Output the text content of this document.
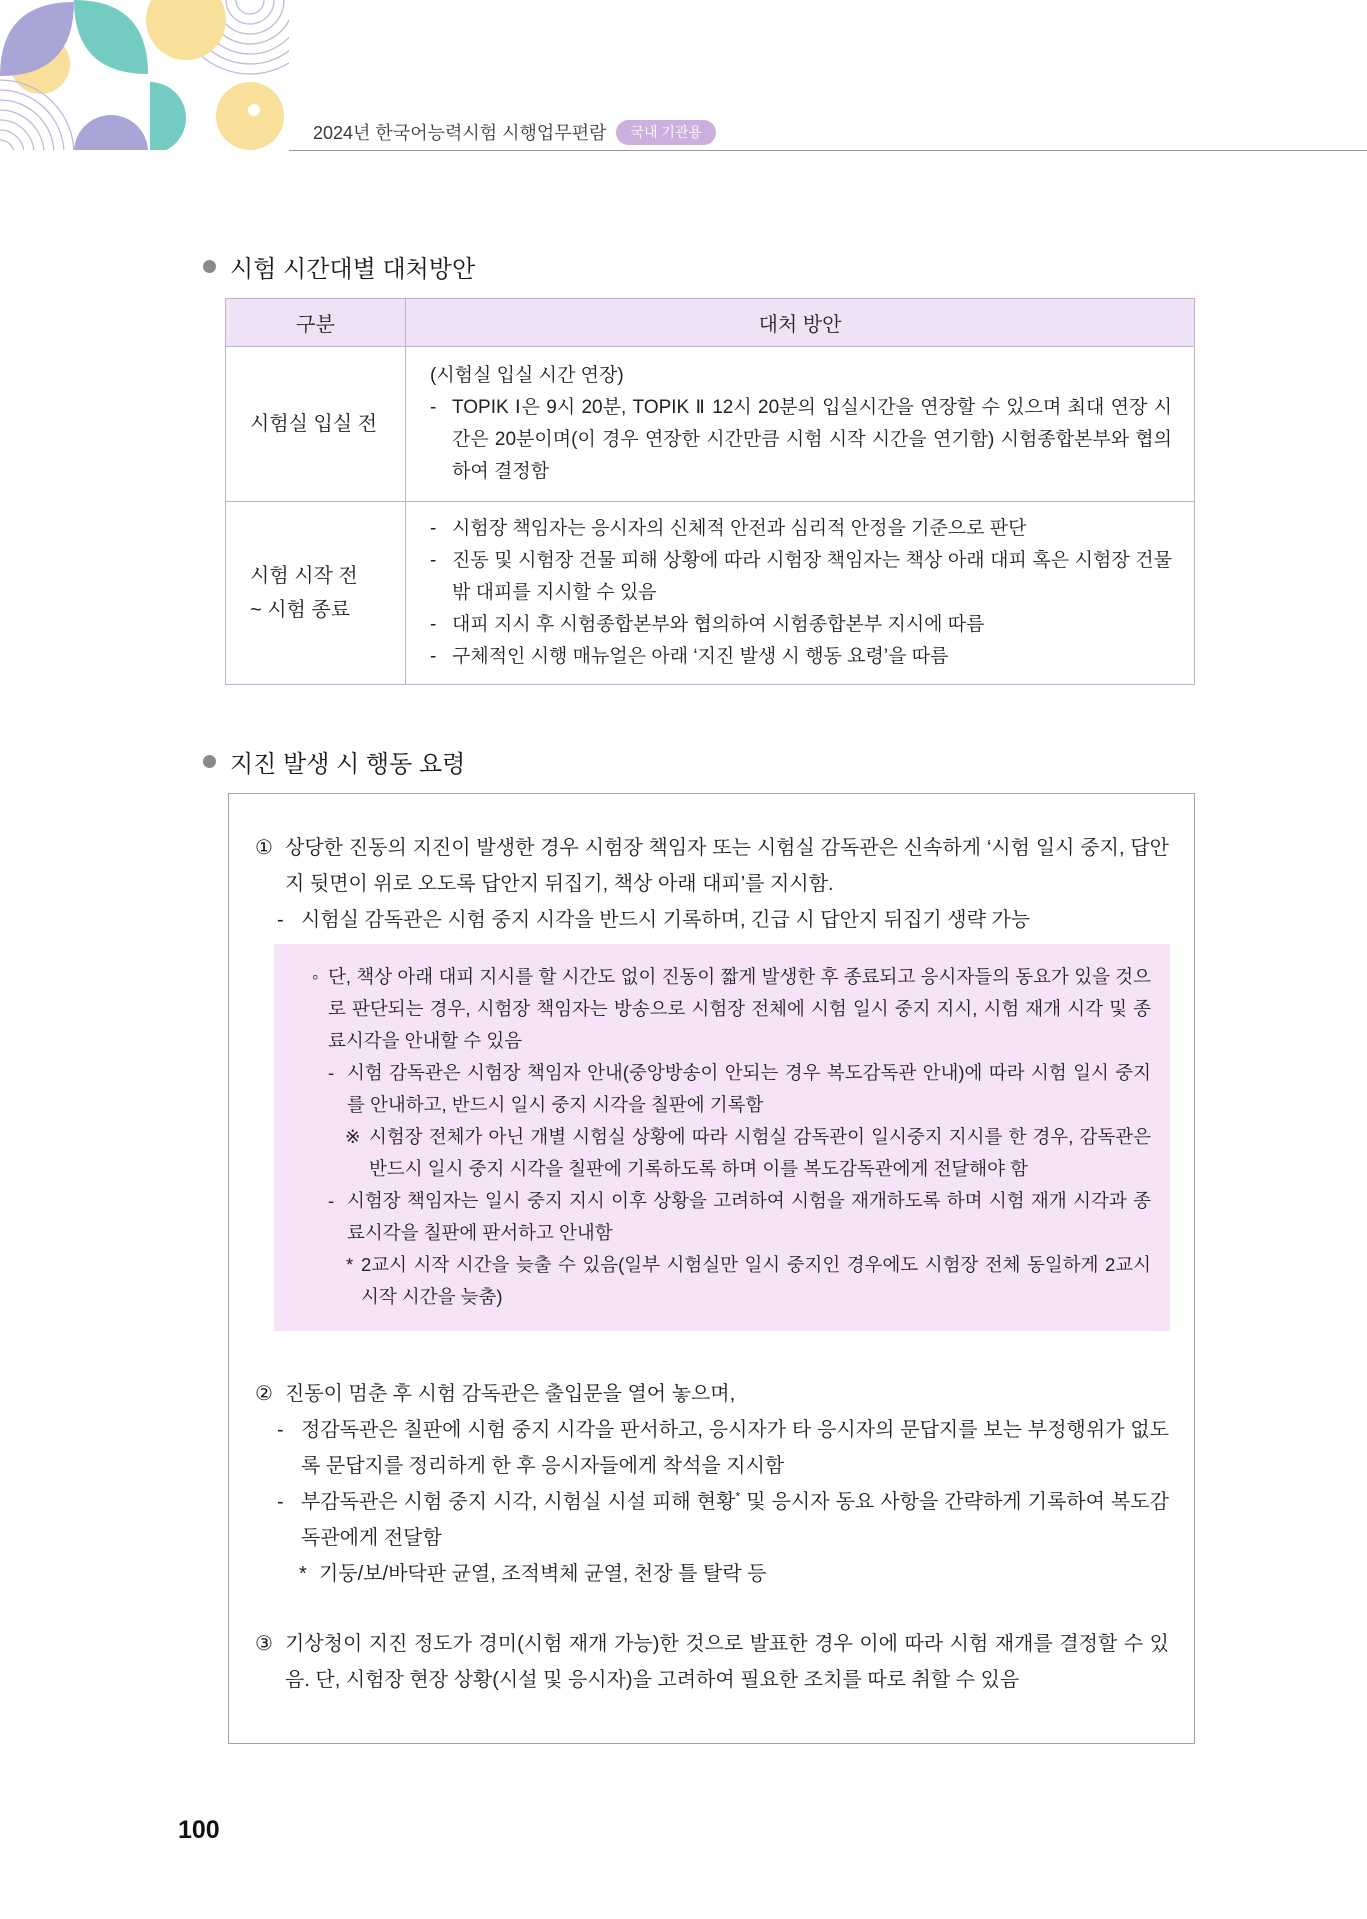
2024년 한국어능력시험 시행업무편람	국내 기관용
시험 시간대별 대처방안
구분	대처 방안
시험실 입실 전
(시험실 입실 시간 연장)
- TOPIK Ⅰ은 9시 20분, TOPIK Ⅱ 12시 20분의 입실시간을 연장할 수 있으며 최대 연장 시간은 20분이며(이 경우 연장한 시간만큼 시험 시작 시간을 연기함) 시험종합본부와 협의하여 결정함
시험 시작 전
~ 시험 종료
- 시험장 책임자는 응시자의 신체적 안전과 심리적 안정을 기준으로 판단
- 진동 및 시험장 건물 피해 상황에 따라 시험장 책임자는 책상 아래 대피 혹은 시험장 건물 밖 대피를 지시할 수 있음
- 대피 지시 후 시험종합본부와 협의하여 시험종합본부 지시에 따름
- 구체적인 시행 매뉴얼은 아래 ‘지진 발생 시 행동 요령’을 따름
지진 발생 시 행동 요령
① 상당한 진동의 지진이 발생한 경우 시험장 책임자 또는 시험실 감독관은 신속하게 ‘시험 일시 중지, 답안지 뒷면이 위로 오도록 답안지 뒤집기, 책상 아래 대피’를 지시함.
- 시험실 감독관은 시험 중지 시각을 반드시 기록하며, 긴급 시 답안지 뒤집기 생략 가능
◦ 단, 책상 아래 대피 지시를 할 시간도 없이 진동이 짧게 발생한 후 종료되고 응시자들의 동요가 있을 것으로 판단되는 경우, 시험장 책임자는 방송으로 시험장 전체에 시험 일시 중지 지시, 시험 재개 시각 및 종료시각을 안내할 수 있음
- 시험 감독관은 시험장 책임자 안내(중앙방송이 안되는 경우 복도감독관 안내)에 따라 시험 일시 중지를 안내하고, 반드시 일시 중지 시각을 칠판에 기록함
※ 시험장 전체가 아닌 개별 시험실 상황에 따라 시험실 감독관이 일시중지 지시를 한 경우, 감독관은 반드시 일시 중지 시각을 칠판에 기록하도록 하며 이를 복도감독관에게 전달해야 함
- 시험장 책임자는 일시 중지 지시 이후 상황을 고려하여 시험을 재개하도록 하며 시험 재개 시각과 종료시각을 칠판에 판서하고 안내함
* 2교시 시작 시간을 늦출 수 있음(일부 시험실만 일시 중지인 경우에도 시험장 전체 동일하게 2교시 시작 시간을 늦춤)
② 진동이 멈춘 후 시험 감독관은 출입문을 열어 놓으며,
- 정감독관은 칠판에 시험 중지 시각을 판서하고, 응시자가 타 응시자의 문답지를 보는 부정행위가 없도록 문답지를 정리하게 한 후 응시자들에게 착석을 지시함
- 부감독관은 시험 중지 시각, 시험실 시설 피해 현황* 및 응시자 동요 사항을 간략하게 기록하여 복도감독관에게 전달함
* 기둥/보/바닥판 균열, 조적벽체 균열, 천장 틀 탈락 등
③ 기상청이 지진 정도가 경미(시험 재개 가능)한 것으로 발표한 경우 이에 따라 시험 재개를 결정할 수 있음. 단, 시험장 현장 상황(시설 및 응시자)을 고려하여 필요한 조치를 따로 취할 수 있음
100
